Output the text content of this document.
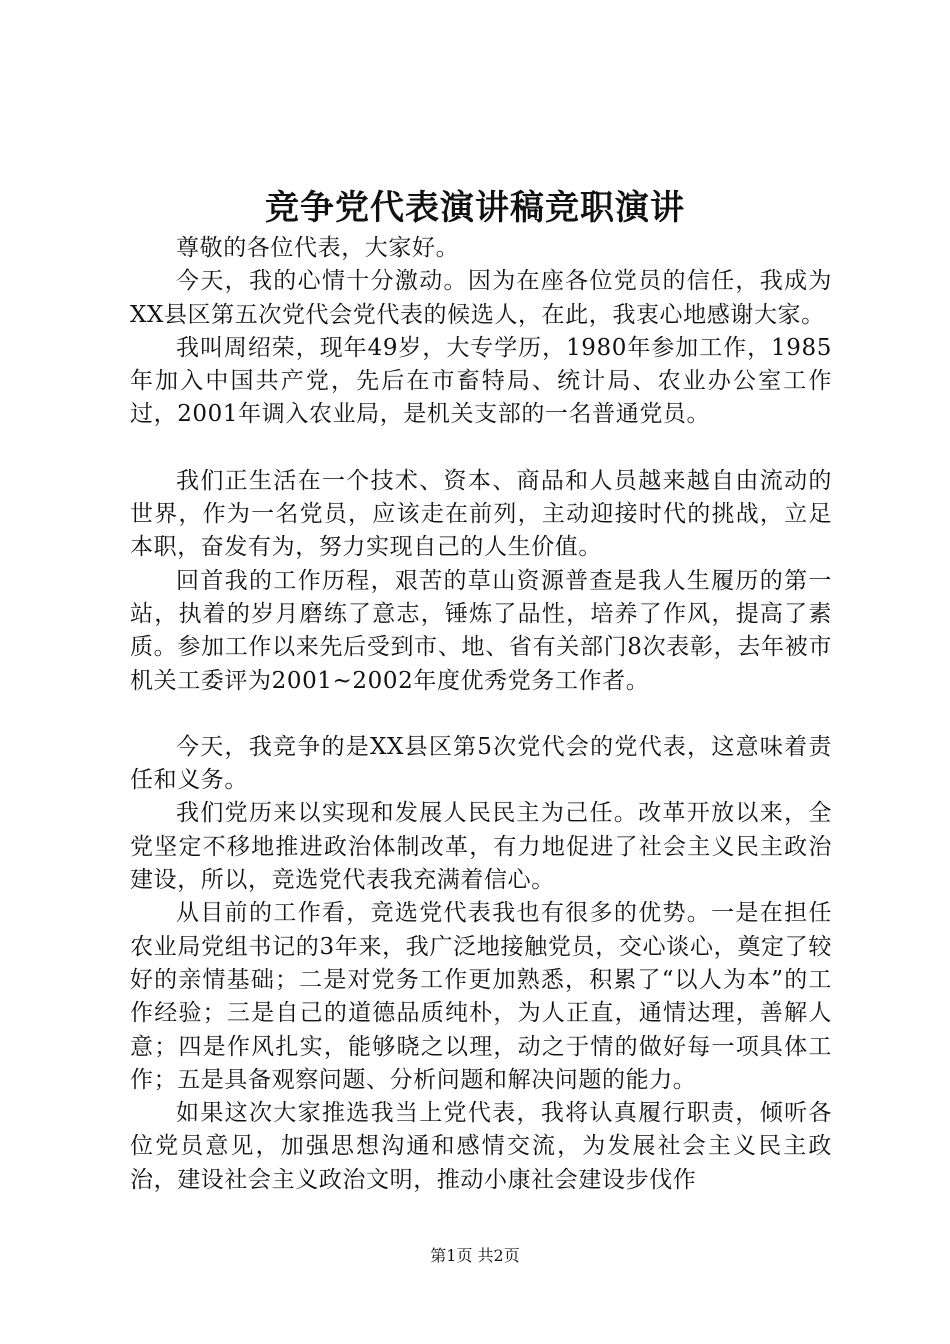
竞争党代表演讲稿竞职演讲

尊敬的各位代表，大家好。

今天，我的心情十分激动。因为在座各位党员的信任，我成为XX县区第五次党代会党代表的候选人，在此，我衷心地感谢大家。

我叫周绍荣，现年49岁，大专学历，1980年参加工作，1985年加入中国共产党，先后在市畜特局、统计局、农业办公室工作过，2001年调入农业局，是机关支部的一名普通党员。

我们正生活在一个技术、资本、商品和人员越来越自由流动的世界，作为一名党员，应该走在前列，主动迎接时代的挑战，立足本职，奋发有为，努力实现自己的人生价值。

回首我的工作历程，艰苦的草山资源普查是我人生履历的第一站，执着的岁月磨练了意志，锤炼了品性，培养了作风，提高了素质。参加工作以来先后受到市、地、省有关部门8次表彰，去年被市机关工委评为2001~2002年度优秀党务工作者。

今天，我竞争的是XX县区第5次党代会的党代表，这意味着责任和义务。

我们党历来以实现和发展人民民主为己任。改革开放以来，全党坚定不移地推进政治体制改革，有力地促进了社会主义民主政治建设，所以，竞选党代表我充满着信心。

从目前的工作看，竞选党代表我也有很多的优势。一是在担任农业局党组书记的3年来，我广泛地接触党员，交心谈心，奠定了较好的亲情基础；二是对党务工作更加熟悉，积累了“以人为本”的工作经验；三是自己的道德品质纯朴，为人正直，通情达理，善解人意；四是作风扎实，能够晓之以理，动之于情的做好每一项具体工作；五是具备观察问题、分析问题和解决问题的能力。

如果这次大家推选我当上党代表，我将认真履行职责，倾听各位党员意见，加强思想沟通和感情交流，为发展社会主义民主政治，建设社会主义政治文明，推动小康社会建设步伐作

第1页 共2页
